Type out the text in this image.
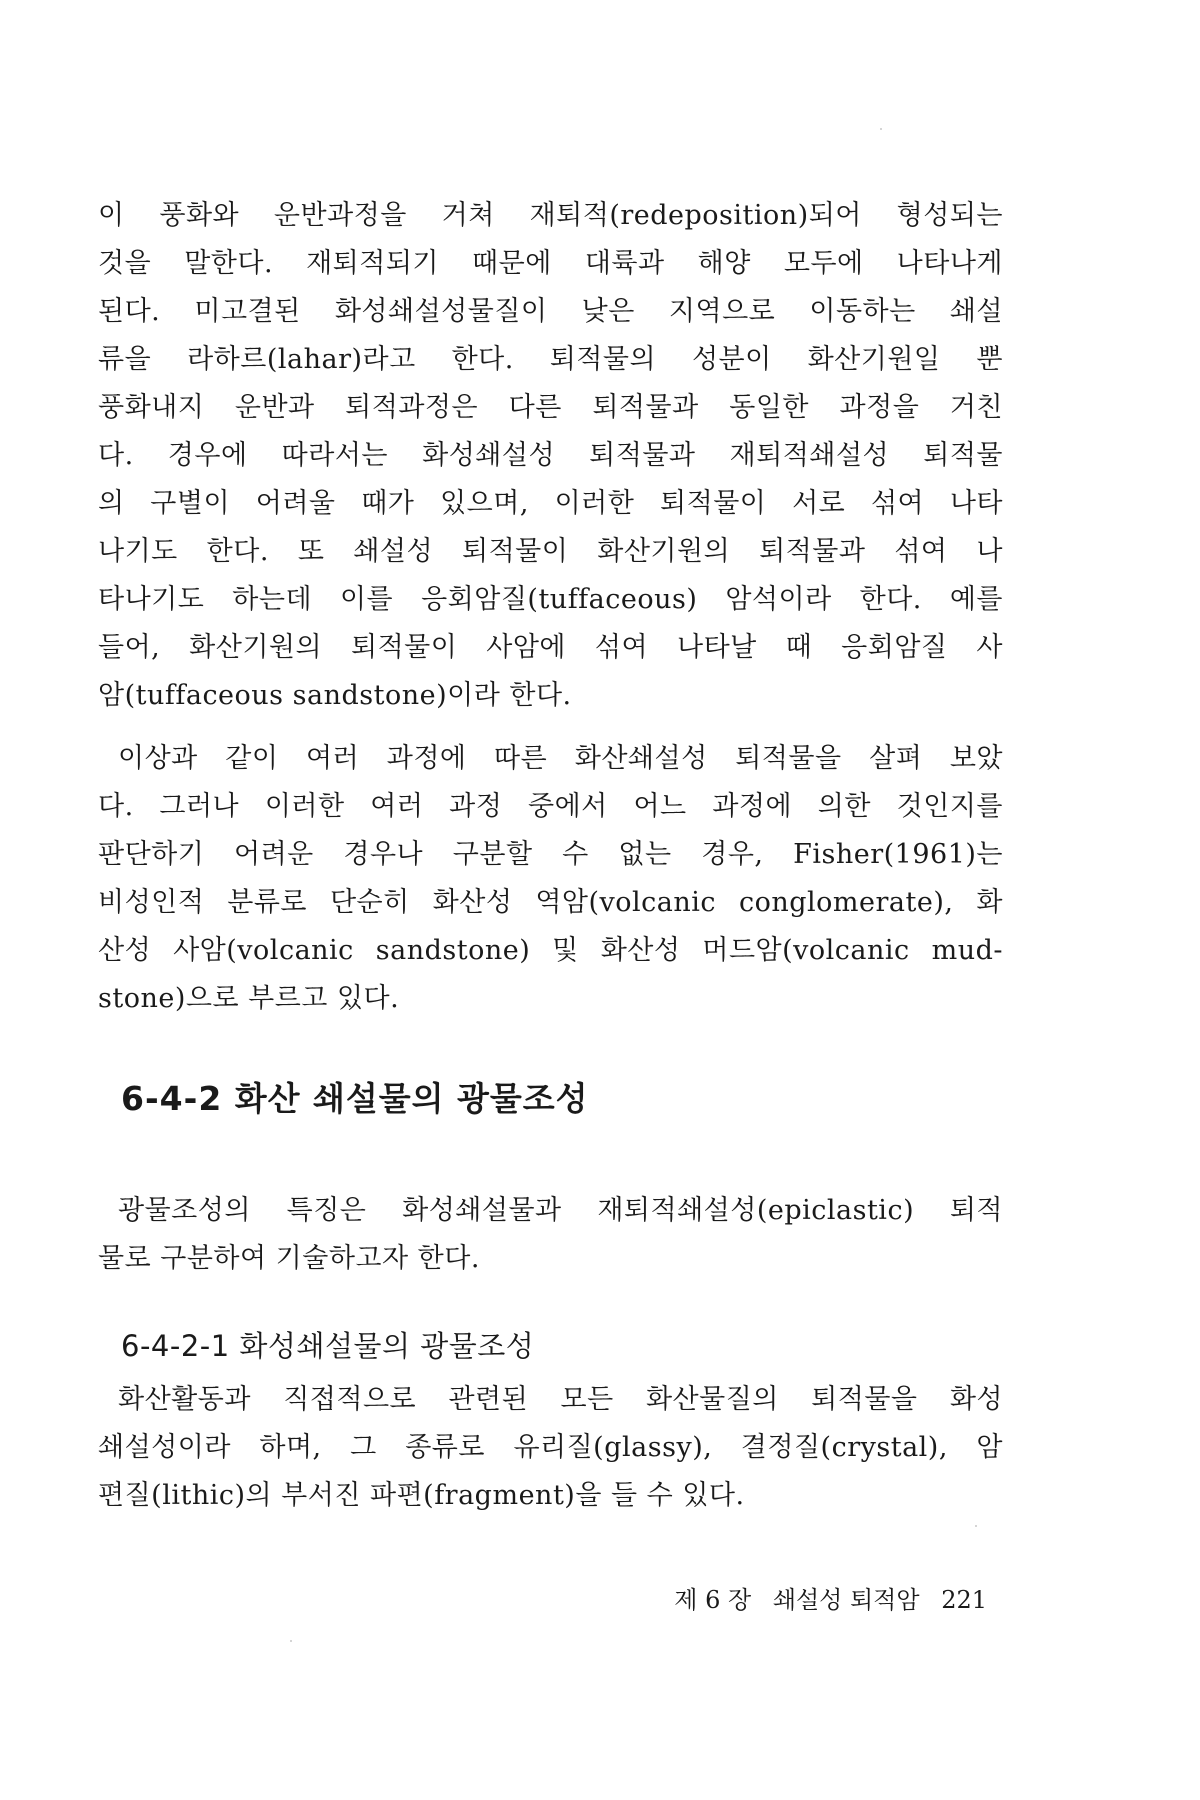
이 풍화와 운반과정을 거쳐 재퇴적(redeposition)되어 형성되는
것을 말한다. 재퇴적되기 때문에 대륙과 해양 모두에 나타나게
된다. 미고결된 화성쇄설성물질이 낮은 지역으로 이동하는 쇄설
류을 라하르(lahar)라고 한다. 퇴적물의 성분이 화산기원일 뿐
풍화내지 운반과 퇴적과정은 다른 퇴적물과 동일한 과정을 거친
다. 경우에 따라서는 화성쇄설성 퇴적물과 재퇴적쇄설성 퇴적물
의 구별이 어려울 때가 있으며, 이러한 퇴적물이 서로 섞여 나타
나기도 한다. 또 쇄설성 퇴적물이 화산기원의 퇴적물과 섞여 나
타나기도 하는데 이를 응회암질(tuffaceous) 암석이라 한다. 예를
들어, 화산기원의 퇴적물이 사암에 섞여 나타날 때 응회암질 사
암(tuffaceous sandstone)이라 한다.
이상과 같이 여러 과정에 따른 화산쇄설성 퇴적물을 살펴 보았
다. 그러나 이러한 여러 과정 중에서 어느 과정에 의한 것인지를
판단하기 어려운 경우나 구분할 수 없는 경우, Fisher(1961)는
비성인적 분류로 단순히 화산성 역암(volcanic conglomerate), 화
산성 사암(volcanic sandstone) 및 화산성 머드암(volcanic mud-
stone)으로 부르고 있다.
6-4-2 화산 쇄설물의 광물조성
광물조성의 특징은 화성쇄설물과 재퇴적쇄설성(epiclastic) 퇴적
물로 구분하여 기술하고자 한다.
6-4-2-1 화성쇄설물의 광물조성
화산활동과 직접적으로 관련된 모든 화산물질의 퇴적물을 화성
쇄설성이라 하며, 그 종류로 유리질(glassy), 결정질(crystal), 암
편질(lithic)의 부서진 파편(fragment)을 들 수 있다.
제 6 장 쇄설성 퇴적암 221
